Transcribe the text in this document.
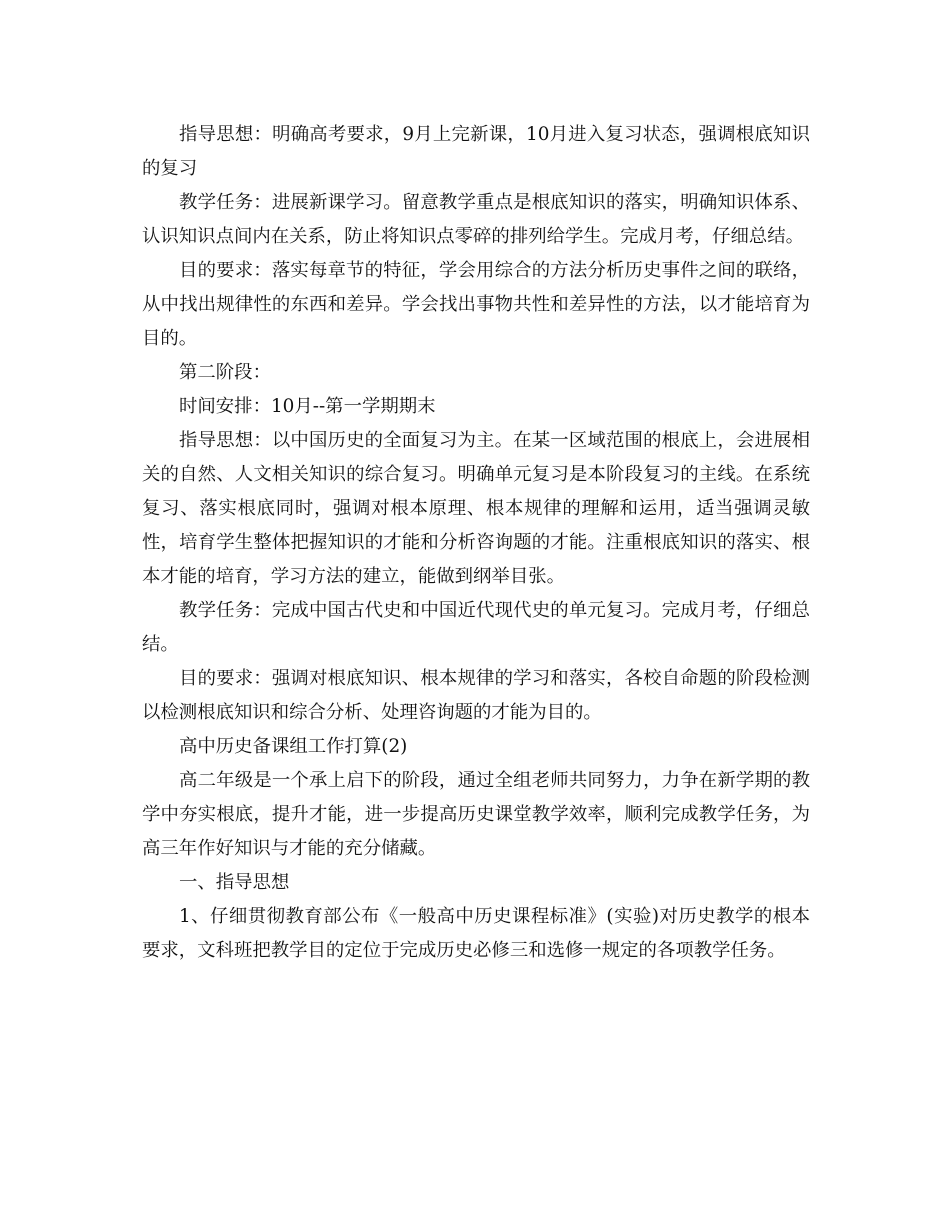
指导思想：明确高考要求，9月上完新课，10月进入复习状态，强调根底知识的复习

教学任务：进展新课学习。留意教学重点是根底知识的落实，明确知识体系、认识知识点间内在关系，防止将知识点零碎的排列给学生。完成月考，仔细总结。

目的要求：落实每章节的特征，学会用综合的方法分析历史事件之间的联络，从中找出规律性的东西和差异。学会找出事物共性和差异性的方法，以才能培育为目的。

第二阶段：

时间安排：10月--第一学期期末

指导思想：以中国历史的全面复习为主。在某一区域范围的根底上，会进展相关的自然、人文相关知识的综合复习。明确单元复习是本阶段复习的主线。在系统复习、落实根底同时，强调对根本原理、根本规律的理解和运用，适当强调灵敏性，培育学生整体把握知识的才能和分析咨询题的才能。注重根底知识的落实、根本才能的培育，学习方法的建立，能做到纲举目张。

教学任务：完成中国古代史和中国近代现代史的单元复习。完成月考，仔细总结。

目的要求：强调对根底知识、根本规律的学习和落实，各校自命题的阶段检测以检测根底知识和综合分析、处理咨询题的才能为目的。

高中历史备课组工作打算(2)

高二年级是一个承上启下的阶段，通过全组老师共同努力，力争在新学期的教学中夯实根底，提升才能，进一步提高历史课堂教学效率，顺利完成教学任务，为高三年作好知识与才能的充分储藏。

一、指导思想

1、仔细贯彻教育部公布《一般高中历史课程标准》(实验)对历史教学的根本要求，文科班把教学目的定位于完成历史必修三和选修一规定的各项教学任务。
